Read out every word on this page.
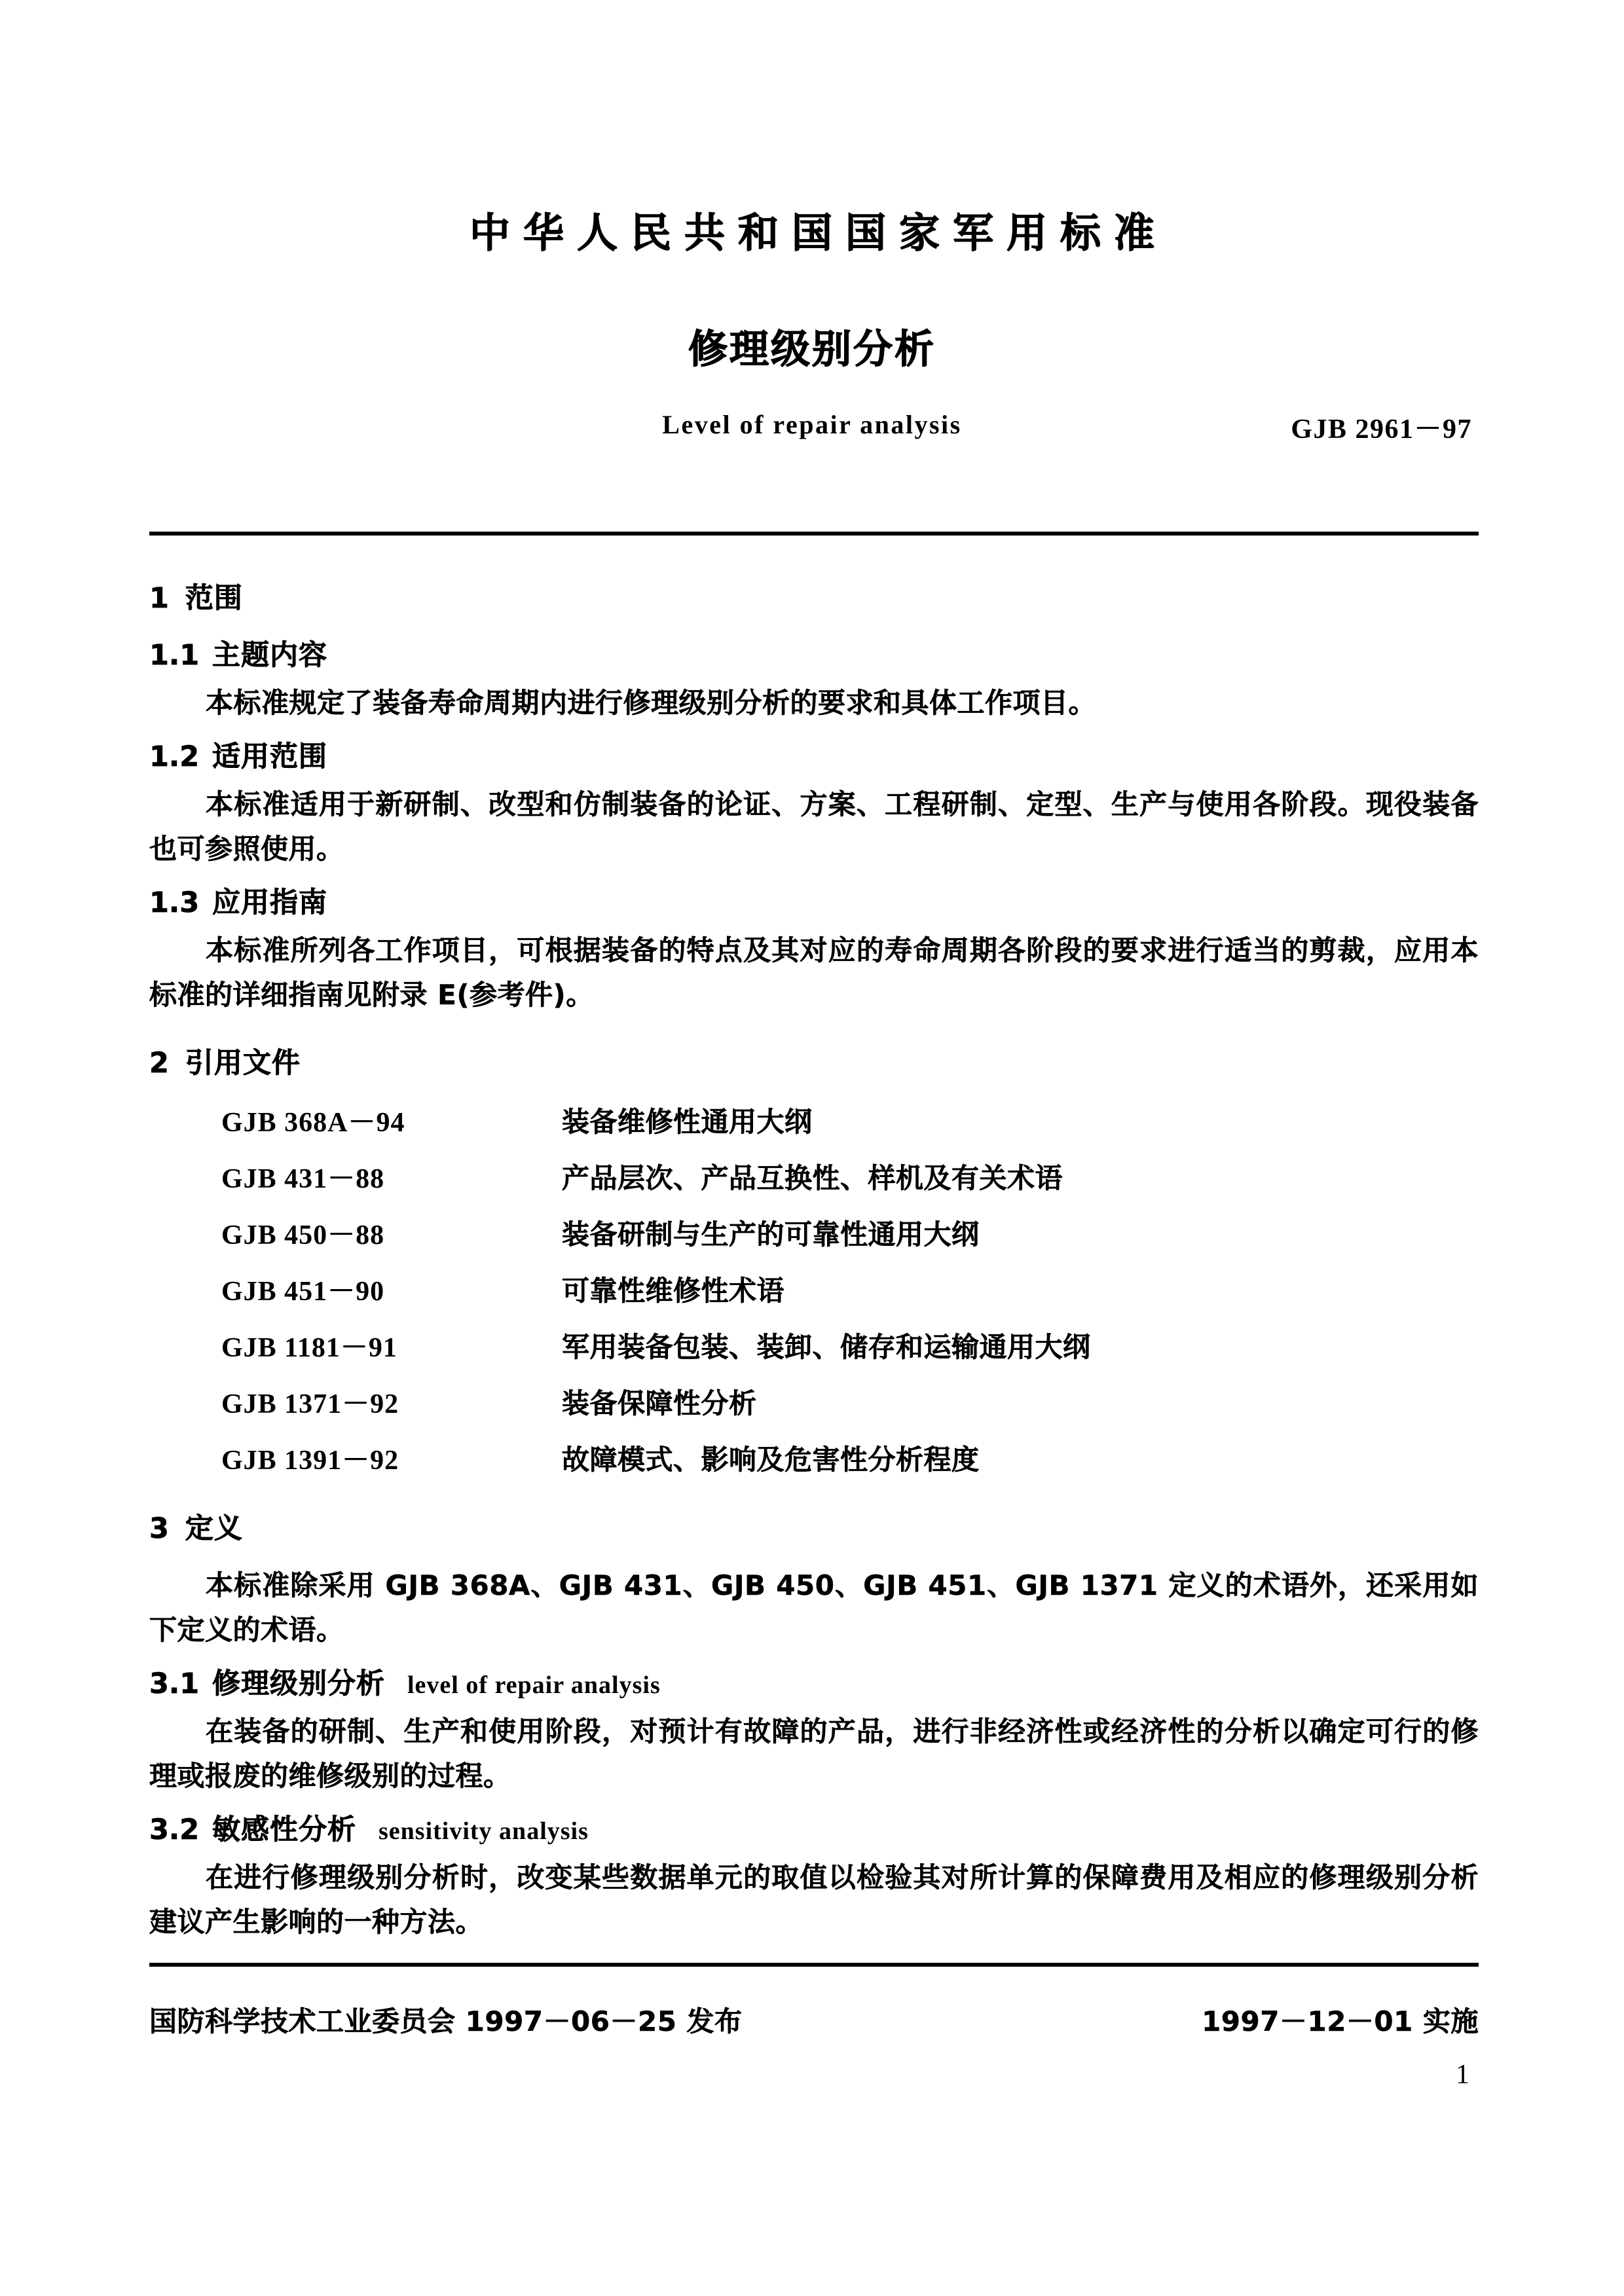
中华人民共和国国家军用标准
修理级别分析
Level of repair analysis	GJB 2961－97
1 范围
1.1 主题内容

本标准规定了装备寿命周期内进行修理级别分析的要求和具体工作项目。

1.2 适用范围

本标准适用于新研制、改型和仿制装备的论证、方案、工程研制、定型、生产与使用各阶段。现役装备也可参照使用。

1.3 应用指南

本标准所列各工作项目，可根据装备的特点及其对应的寿命周期各阶段的要求进行适当的剪裁，应用本标准的详细指南见附录 E(参考件)。

2 引用文件
GJB 368A－94	装备维修性通用大纲
GJB 431－88	产品层次、产品互换性、样机及有关术语
GJB 450－88	装备研制与生产的可靠性通用大纲
GJB 451－90	可靠性维修性术语
GJB 1181－91	军用装备包装、装卸、储存和运输通用大纲
GJB 1371－92	装备保障性分析
GJB 1391－92	故障模式、影响及危害性分析程度
3 定义

本标准除采用 GJB 368A、GJB 431、GJB 450、GJB 451、GJB 1371 定义的术语外，还采用如下定义的术语。

3.1 修理级别分析 level of repair analysis

在装备的研制、生产和使用阶段，对预计有故障的产品，进行非经济性或经济性的分析以确定可行的修理或报废的维修级别的过程。

3.2 敏感性分析 sensitivity analysis

在进行修理级别分析时，改变某些数据单元的取值以检验其对所计算的保障费用及相应的修理级别分析建议产生影响的一种方法。

国防科学技术工业委员会 1997－06－25 发布	1997－12－01 实施
1
